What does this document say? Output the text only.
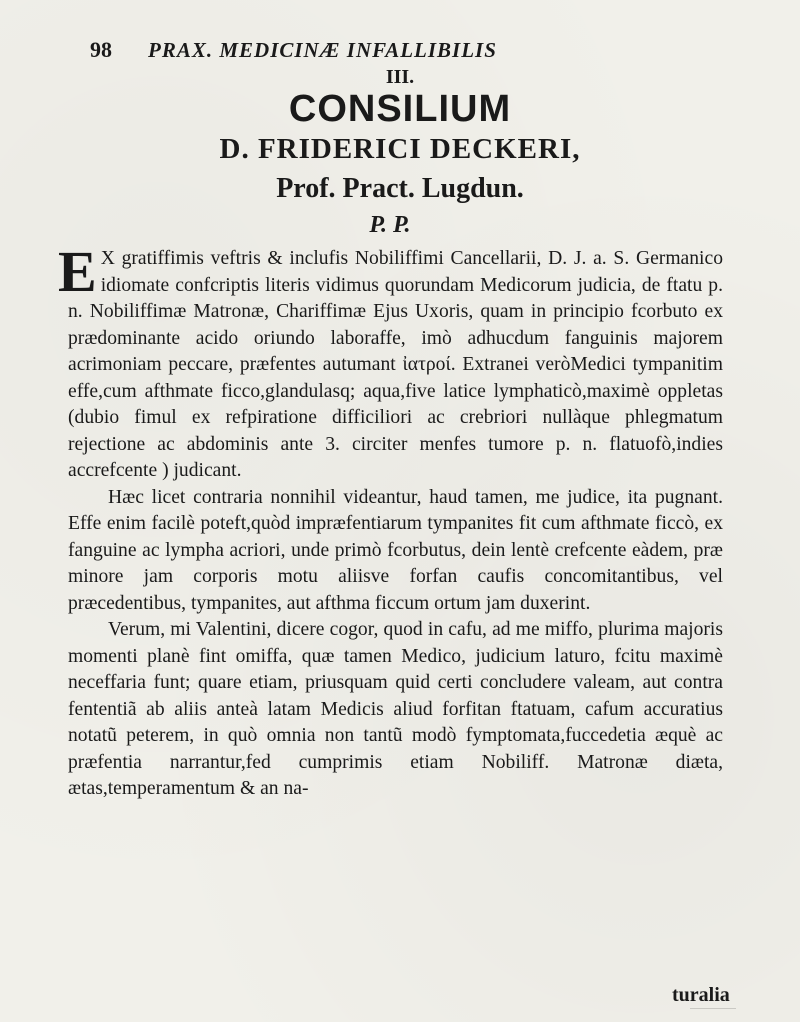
98 PRAX. MEDICINÆ INFALLIBILIS
III.
CONSILIUM
D. FRIDERICI DECKERI,
Prof. Pract. Lugdun.
P. P.

E X gratiffimis veftris & inclufis Nobiliffimi Cancellarii, D. J. a. S. Germanico idiomate confcriptis literis vidimus quorundam Medicorum judicia, de ftatu p. n. Nobiliffimæ Matronæ, Chariffimæ Ejus Uxoris, quam in principio fcorbuto ex prædominante acido oriundo laboraffe, imò adhucdum fanguinis majorem acrimoniam peccare, præfentes autumant ἰατροί. Extranei veròMedici tympanitim effe,cum afthmate ficco,glandulasq; aqua,five latice lymphaticò,maximè oppletas (dubio fimul ex refpiratione difficiliori ac crebriori nullàque phlegmatum rejectione ac abdominis ante 3. circiter menfes tumore p. n. flatuofò,indies accrefcente ) judicant.

Hæc licet contraria nonnihil videantur, haud tamen, me judice, ita pugnant. Effe enim facilè poteft,quòd impræfentiarum tympanites fit cum afthmate ficcò, ex fanguine ac lympha acriori, unde primò fcorbutus, dein lentè crefcente eàdem, præ minore jam corporis motu aliisve forfan caufis concomitantibus, vel præcedentibus, tympanites, aut afthma ficcum ortum jam duxerint.

Verum, mi Valentini, dicere cogor, quod in cafu, ad me miffo, plurima majoris momenti planè fint omiffa, quæ tamen Medico, judicium laturo, fcitu maximè neceffaria funt; quare etiam, priusquam quid certi concludere valeam, aut contra fententiã ab aliis anteà latam Medicis aliud forfitan ftatuam, cafum accuratius notatũ peterem, in quò omnia non tantũ modò fymptomata,fuccedetia æquè ac præfentia narrantur,fed cumprimis etiam Nobiliff. Matronæ diæta, ætas,temperamentum & an na-

turalia
